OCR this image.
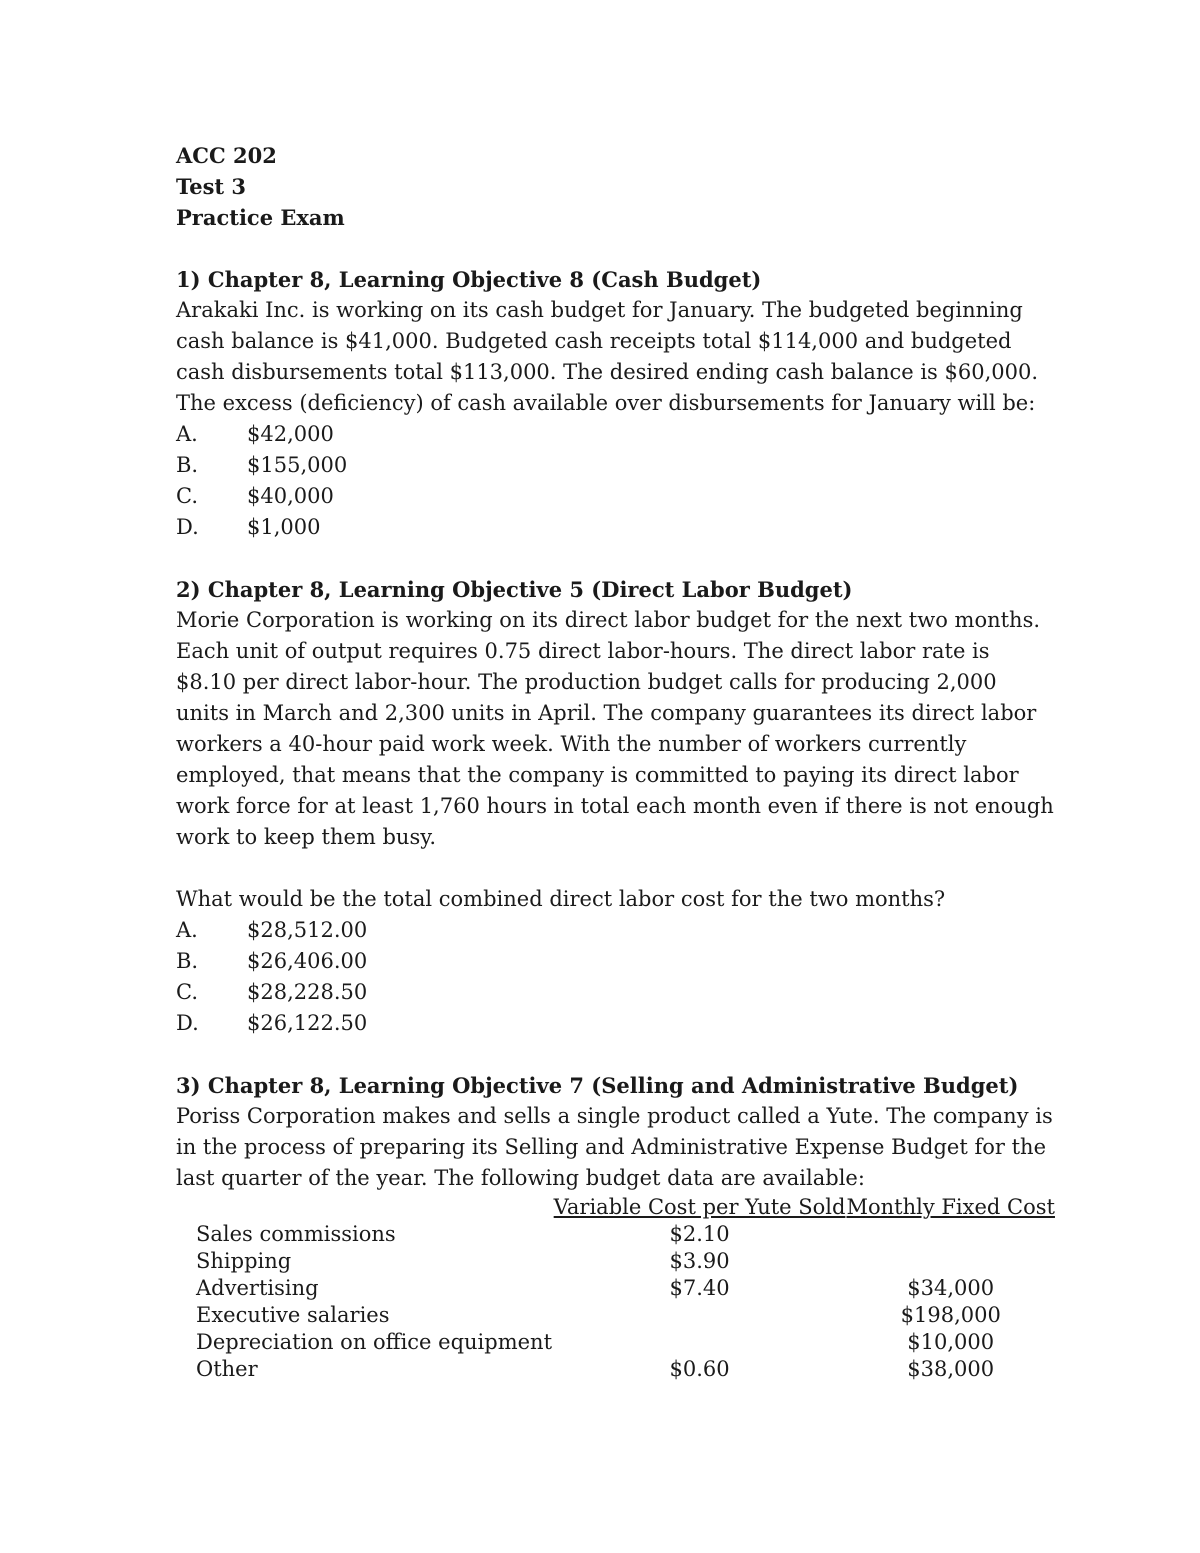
ACC 202
Test 3
Practice Exam
1) Chapter 8, Learning Objective 8 (Cash Budget)

Arakaki Inc. is working on its cash budget for January. The budgeted beginning cash balance is $41,000. Budgeted cash receipts total $114,000 and budgeted cash disbursements total $113,000. The desired ending cash balance is $60,000. The excess (deficiency) of cash available over disbursements for January will be:

A. $42,000
B. $155,000
C. $40,000
D. $1,000
2) Chapter 8, Learning Objective 5 (Direct Labor Budget)

Morie Corporation is working on its direct labor budget for the next two months. Each unit of output requires 0.75 direct labor-hours. The direct labor rate is $8.10 per direct labor-hour. The production budget calls for producing 2,000 units in March and 2,300 units in April. The company guarantees its direct labor workers a 40-hour paid work week. With the number of workers currently employed, that means that the company is committed to paying its direct labor work force for at least 1,760 hours in total each month even if there is not enough work to keep them busy.

What would be the total combined direct labor cost for the two months?

A. $28,512.00
B. $26,406.00
C. $28,228.50
D. $26,122.50
3) Chapter 8, Learning Objective 7 (Selling and Administrative Budget)

Poriss Corporation makes and sells a single product called a Yute. The company is in the process of preparing its Selling and Administrative Expense Budget for the last quarter of the year. The following budget data are available:

	Variable Cost per Yute Sold	Monthly Fixed Cost
Sales commissions	$2.10	
Shipping	$3.90	
Advertising	$7.40	$34,000
Executive salaries		$198,000
Depreciation on office equipment		$10,000
Other	$0.60	$38,000
